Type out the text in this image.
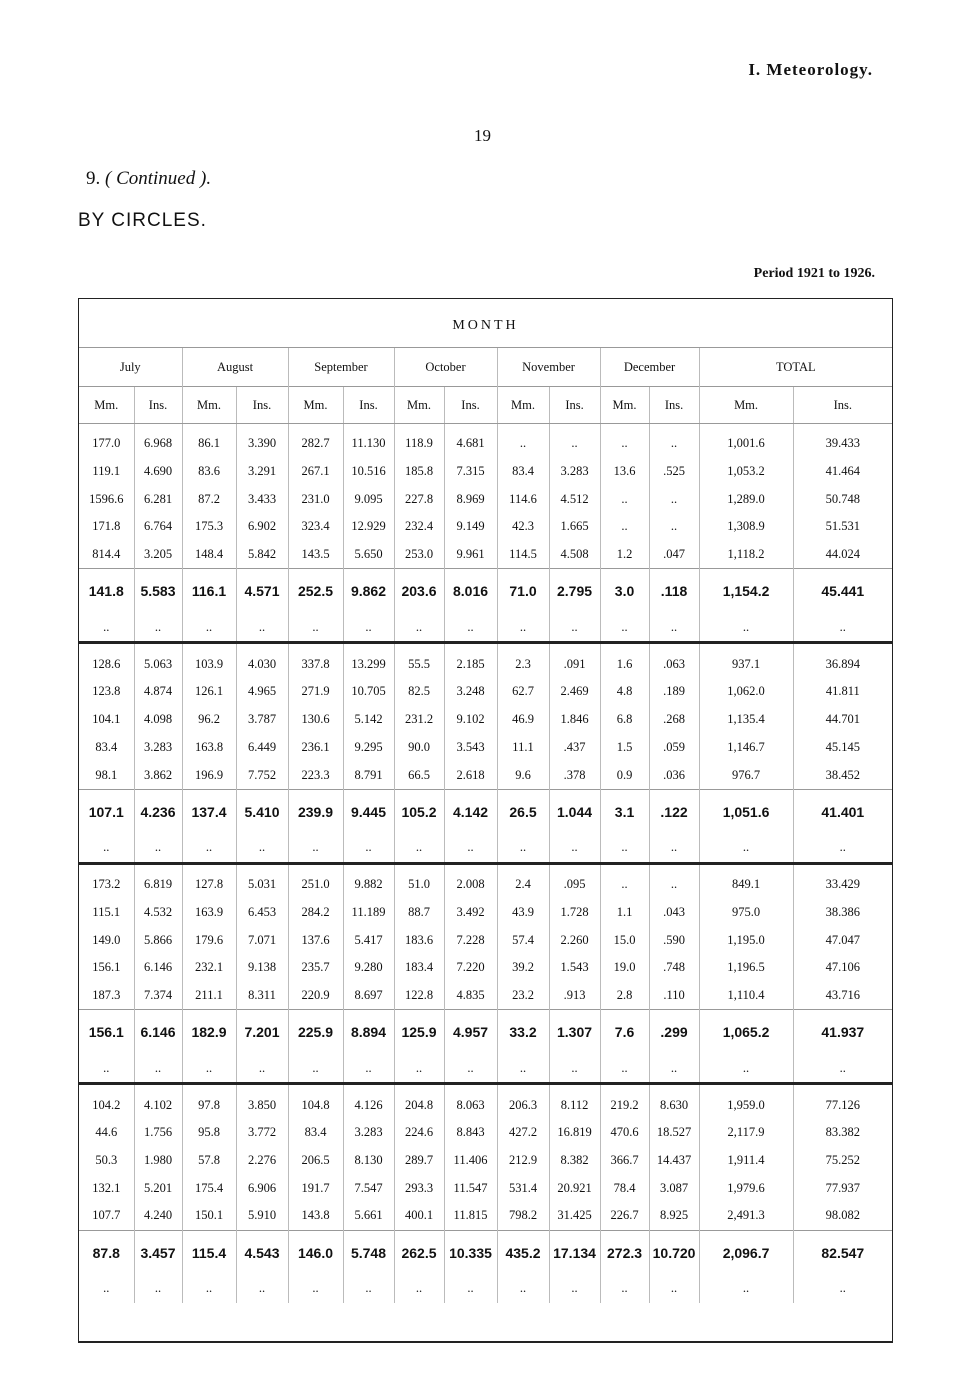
I. Meteorology.
19
9. ( Continued ).
BY CIRCLES.
Period 1921 to 1926.
MONTH
July		August		September		October		November		December		TOTAL	
Mm.	Ins.	Mm.	Ins.	Mm.	Ins.	Mm.	Ins.	Mm.	Ins.	Mm.	Ins.	Mm.	Ins.
177.0	6.968	86.1	3.390	282.7	11.130	118.9	4.681	..	..	..	..	1,001.6	39.433
119.1	4.690	83.6	3.291	267.1	10.516	185.8	7.315	83.4	3.283	13.6	.525	1,053.2	41.464
1596.6	6.281	87.2	3.433	231.0	9.095	227.8	8.969	114.6	4.512	..	..	1,289.0	50.748
171.8	6.764	175.3	6.902	323.4	12.929	232.4	9.149	42.3	1.665	..	..	1,308.9	51.531
814.4	3.205	148.4	5.842	143.5	5.650	253.0	9.961	114.5	4.508	1.2	.047	1,118.2	44.024
141.8	5.583	116.1	4.571	252.5	9.862	203.6	8.016	71.0	2.795	3.0	.118	1,154.2	45.441
..	..	..	..	..	..	..	..	..	..	..	..	..	..
128.6	5.063	103.9	4.030	337.8	13.299	55.5	2.185	2.3	.091	1.6	.063	937.1	36.894
123.8	4.874	126.1	4.965	271.9	10.705	82.5	3.248	62.7	2.469	4.8	.189	1,062.0	41.811
104.1	4.098	96.2	3.787	130.6	5.142	231.2	9.102	46.9	1.846	6.8	.268	1,135.4	44.701
83.4	3.283	163.8	6.449	236.1	9.295	90.0	3.543	11.1	.437	1.5	.059	1,146.7	45.145
98.1	3.862	196.9	7.752	223.3	8.791	66.5	2.618	9.6	.378	0.9	.036	976.7	38.452
107.1	4.236	137.4	5.410	239.9	9.445	105.2	4.142	26.5	1.044	3.1	.122	1,051.6	41.401
..	..	..	..	..	..	..	..	..	..	..	..	..	..
173.2	6.819	127.8	5.031	251.0	9.882	51.0	2.008	2.4	.095	..	..	849.1	33.429
115.1	4.532	163.9	6.453	284.2	11.189	88.7	3.492	43.9	1.728	1.1	.043	975.0	38.386
149.0	5.866	179.6	7.071	137.6	5.417	183.6	7.228	57.4	2.260	15.0	.590	1,195.0	47.047
156.1	6.146	232.1	9.138	235.7	9.280	183.4	7.220	39.2	1.543	19.0	.748	1,196.5	47.106
187.3	7.374	211.1	8.311	220.9	8.697	122.8	4.835	23.2	.913	2.8	.110	1,110.4	43.716
156.1	6.146	182.9	7.201	225.9	8.894	125.9	4.957	33.2	1.307	7.6	.299	1,065.2	41.937
..	..	..	..	..	..	..	..	..	..	..	..	..	..
104.2	4.102	97.8	3.850	104.8	4.126	204.8	8.063	206.3	8.112	219.2	8.630	1,959.0	77.126
44.6	1.756	95.8	3.772	83.4	3.283	224.6	8.843	427.2	16.819	470.6	18.527	2,117.9	83.382
50.3	1.980	57.8	2.276	206.5	8.130	289.7	11.406	212.9	8.382	366.7	14.437	1,911.4	75.252
132.1	5.201	175.4	6.906	191.7	7.547	293.3	11.547	531.4	20.921	78.4	3.087	1,979.6	77.937
107.7	4.240	150.1	5.910	143.8	5.661	400.1	11.815	798.2	31.425	226.7	8.925	2,491.3	98.082
87.8	3.457	115.4	4.543	146.0	5.748	262.5	10.335	435.2	17.134	272.3	10.720	2,096.7	82.547
..	..	..	..	..	..	..	..	..	..	..	..	..	..
